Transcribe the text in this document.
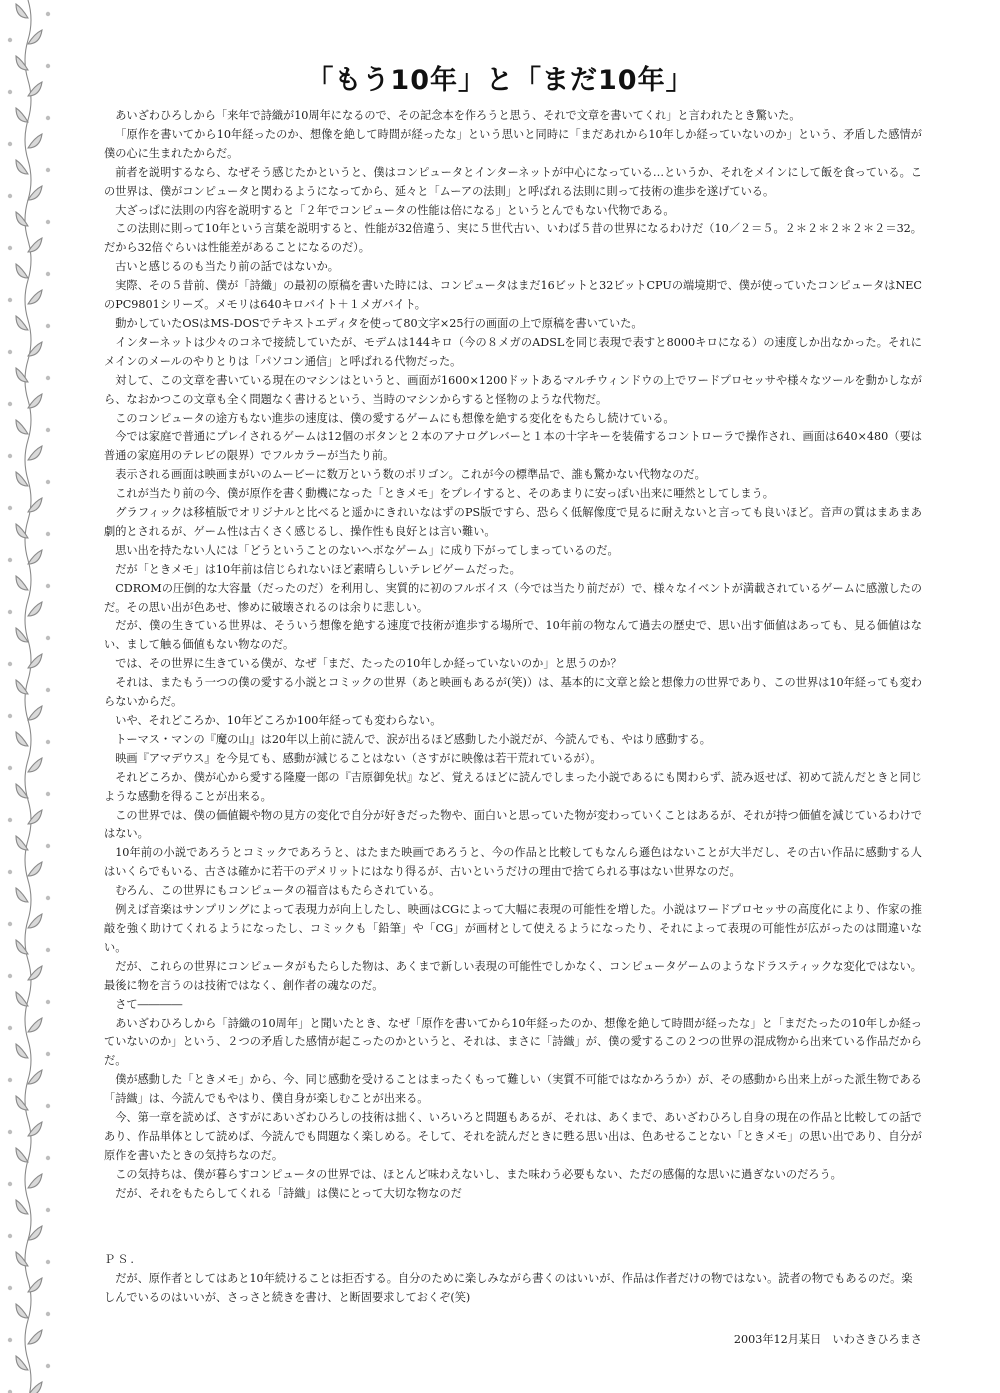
「もう10年」と「まだ10年」

あいざわひろしから「来年で詩織が10周年になるので、その記念本を作ろうと思う、それで文章を書いてくれ」と言われたとき驚いた。

「原作を書いてから10年経ったのか、想像を絶して時間が経ったな」という思いと同時に「まだあれから10年しか経っていないのか」という、矛盾した感情が僕の心に生まれたからだ。

前者を説明するなら、なぜそう感じたかというと、僕はコンピュータとインターネットが中心になっている…というか、それをメインにして飯を食っている。この世界は、僕がコンピュータと関わるようになってから、延々と「ムーアの法則」と呼ばれる法則に則って技術の進歩を遂げている。

大ざっぱに法則の内容を説明すると「２年でコンピュータの性能は倍になる」というとんでもない代物である。

この法則に則って10年という言葉を説明すると、性能が32倍違う、実に５世代古い、いわば５昔の世界になるわけだ（10／２＝５。２＊２＊２＊２＊２＝32。だから32倍ぐらいは性能差があることになるのだ）。

古いと感じるのも当たり前の話ではないか。

実際、その５昔前、僕が「詩織」の最初の原稿を書いた時には、コンピュータはまだ16ビットと32ビットCPUの端境期で、僕が使っていたコンピュータはNECのPC9801シリーズ。メモリは640キロバイト＋１メガバイト。

動かしていたOSはMS-DOSでテキストエディタを使って80文字×25行の画面の上で原稿を書いていた。

インターネットは少々のコネで接続していたが、モデムは144キロ（今の８メガのADSLを同じ表現で表すと8000キロになる）の速度しか出なかった。それにメインのメールのやりとりは「パソコン通信」と呼ばれる代物だった。

対して、この文章を書いている現在のマシンはというと、画面が1600×1200ドットあるマルチウィンドウの上でワードプロセッサや様々なツールを動かしながら、なおかつこの文章も全く問題なく書けるという、当時のマシンからすると怪物のような代物だ。

このコンピュータの途方もない進歩の速度は、僕の愛するゲームにも想像を絶する変化をもたらし続けている。

今では家庭で普通にプレイされるゲームは12個のボタンと２本のアナログレバーと１本の十字キーを装備するコントローラで操作され、画面は640×480（要は普通の家庭用のテレビの限界）でフルカラーが当たり前。

表示される画面は映画まがいのムービーに数万という数のポリゴン。これが今の標準品で、誰も驚かない代物なのだ。

これが当たり前の今、僕が原作を書く動機になった「ときメモ」をプレイすると、そのあまりに安っぽい出来に唖然としてしまう。

グラフィックは移植版でオリジナルと比べると遥かにきれいなはずのPS版ですら、恐らく低解像度で見るに耐えないと言っても良いほど。音声の質はまあまあ劇的とされるが、ゲーム性は古くさく感じるし、操作性も良好とは言い難い。

思い出を持たない人には「どうということのないヘボなゲーム」に成り下がってしまっているのだ。

だが「ときメモ」は10年前は信じられないほど素晴らしいテレビゲームだった。

CDROMの圧倒的な大容量（だったのだ）を利用し、実質的に初のフルボイス（今では当たり前だが）で、様々なイベントが満載されているゲームに感激したのだ。その思い出が色あせ、惨めに破壊されるのは余りに悲しい。

だが、僕の生きている世界は、そういう想像を絶する速度で技術が進歩する場所で、10年前の物なんて過去の歴史で、思い出す価値はあっても、見る価値はない、まして触る価値もない物なのだ。

では、その世界に生きている僕が、なぜ「まだ、たったの10年しか経っていないのか」と思うのか？

それは、またもう一つの僕の愛する小説とコミックの世界（あと映画もあるが(笑)）は、基本的に文章と絵と想像力の世界であり、この世界は10年経っても変わらないからだ。

いや、それどころか、10年どころか100年経っても変わらない。

トーマス・マンの『魔の山』は20年以上前に読んで、涙が出るほど感動した小説だが、今読んでも、やはり感動する。

映画『アマデウス』を今見ても、感動が減じることはない（さすがに映像は若干荒れているが）。

それどころか、僕が心から愛する隆慶一郎の『吉原御免状』など、覚えるほどに読んでしまった小説であるにも関わらず、読み返せば、初めて読んだときと同じような感動を得ることが出来る。

この世界では、僕の価値観や物の見方の変化で自分が好きだった物や、面白いと思っていた物が変わっていくことはあるが、それが持つ価値を減じているわけではない。

10年前の小説であろうとコミックであろうと、はたまた映画であろうと、今の作品と比較してもなんら遜色はないことが大半だし、その古い作品に感動する人はいくらでもいる、古さは確かに若干のデメリットにはなり得るが、古いというだけの理由で捨てられる事はない世界なのだ。

むろん、この世界にもコンピュータの福音はもたらされている。

例えば音楽はサンプリングによって表現力が向上したし、映画はCGによって大幅に表現の可能性を増した。小説はワードプロセッサの高度化により、作家の推敲を強く助けてくれるようになったし、コミックも「鉛筆」や「CG」が画材として使えるようになったり、それによって表現の可能性が広がったのは間違いない。

だが、これらの世界にコンピュータがもたらした物は、あくまで新しい表現の可能性でしかなく、コンピュータゲームのようなドラスティックな変化ではない。最後に物を言うのは技術ではなく、創作者の魂なのだ。

さて――――

あいざわひろしから「詩織の10周年」と聞いたとき、なぜ「原作を書いてから10年経ったのか、想像を絶して時間が経ったな」と「まだたったの10年しか経っていないのか」という、２つの矛盾した感情が起こったのかというと、それは、まさに「詩織」が、僕の愛するこの２つの世界の混成物から出来ている作品だからだ。

僕が感動した「ときメモ」から、今、同じ感動を受けることはまったくもって難しい（実質不可能ではなかろうか）が、その感動から出来上がった派生物である「詩織」は、今読んでもやはり、僕自身が楽しむことが出来る。

今、第一章を読めば、さすがにあいざわひろしの技術は拙く、いろいろと問題もあるが、それは、あくまで、あいざわひろし自身の現在の作品と比較しての話であり、作品単体として読めば、今読んでも問題なく楽しめる。そして、それを読んだときに甦る思い出は、色あせることない「ときメモ」の思い出であり、自分が原作を書いたときの気持ちなのだ。

この気持ちは、僕が暮らすコンピュータの世界では、ほとんど味わえないし、また味わう必要もない、ただの感傷的な思いに過ぎないのだろう。

だが、それをもたらしてくれる「詩織」は僕にとって大切な物なのだ

ＰＳ.

だが、原作者としてはあと10年続けることは拒否する。自分のために楽しみながら書くのはいいが、作品は作者だけの物ではない。読者の物でもあるのだ。楽しんでいるのはいいが、さっさと続きを書け、と断固要求しておくぞ(笑)

2003年12月某日　いわさきひろまさ
